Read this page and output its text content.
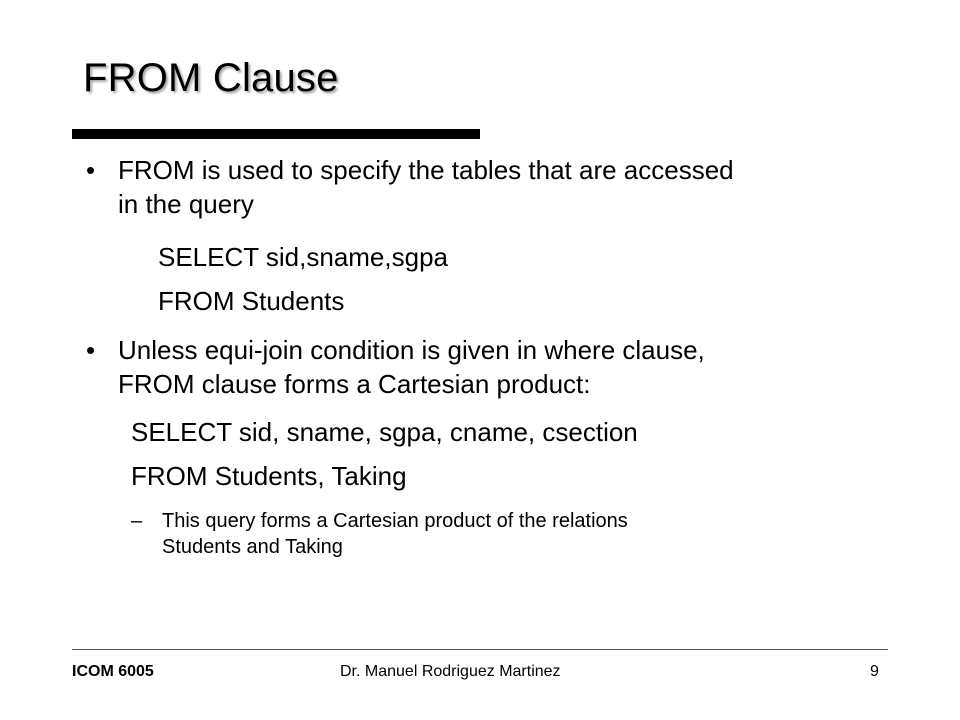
FROM Clause
• FROM is used to specify the tables that are accessed

in the query

SELECT sid,sname,sgpa

FROM Students

• Unless equi-join condition is given in where clause,

FROM clause forms a Cartesian product:

SELECT sid, sname, sgpa, cname, csection

FROM Students, Taking

– This query forms a Cartesian product of the relations

Students and Taking

ICOM 6005	Dr. Manuel Rodriguez Martinez	9
